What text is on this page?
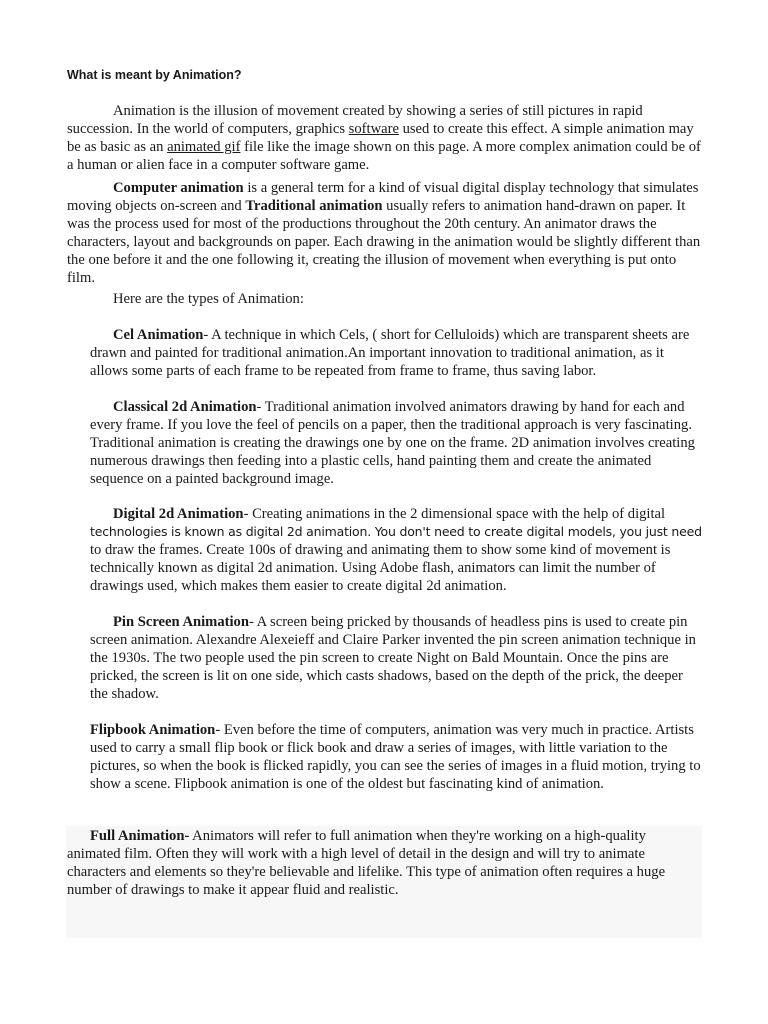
What is meant by Animation?
Animation is the illusion of movement created by showing a series of still pictures in rapid succession. In the world of computers, graphics software used to create this effect. A simple animation may be as basic as an animated gif file like the image shown on this page. A more complex animation could be of a human or alien face in a computer software game.
Computer animation is a general term for a kind of visual digital display technology that simulates moving objects on-screen and Traditional animation usually refers to animation hand-drawn on paper. It was the process used for most of the productions throughout the 20th century. An animator draws the characters, layout and backgrounds on paper. Each drawing in the animation would be slightly different than the one before it and the one following it, creating the illusion of movement when everything is put onto film.
Here are the types of Animation:
Cel Animation- A technique in which Cels, ( short for Celluloids) which are transparent sheets are drawn and painted for traditional animation.An important innovation to traditional animation, as it allows some parts of each frame to be repeated from frame to frame, thus saving labor.
Classical 2d Animation- Traditional animation involved animators drawing by hand for each and every frame. If you love the feel of pencils on a paper, then the traditional approach is very fascinating. Traditional animation is creating the drawings one by one on the frame. 2D animation involves creating numerous drawings then feeding into a plastic cells, hand painting them and create the animated sequence on a painted background image.
Digital 2d Animation- Creating animations in the 2 dimensional space with the help of digital
technologies is known as digital 2d animation. You don't need to create digital models, you just need to draw the frames. Create 100s of drawing and animating them to show some kind of movement is technically known as digital 2d animation. Using Adobe flash, animators can limit the number of drawings used, which makes them easier to create digital 2d animation.
Pin Screen Animation- A screen being pricked by thousands of headless pins is used to create pin screen animation. Alexandre Alexeieff and Claire Parker invented the pin screen animation technique in the 1930s. The two people used the pin screen to create Night on Bald Mountain. Once the pins are pricked, the screen is lit on one side, which casts shadows, based on the depth of the prick, the deeper the shadow.
Flipbook Animation- Even before the time of computers, animation was very much in practice. Artists used to carry a small flip book or flick book and draw a series of images, with little variation to the pictures, so when the book is flicked rapidly, you can see the series of images in a fluid motion, trying to show a scene. Flipbook animation is one of the oldest but fascinating kind of animation.
Full Animation- Animators will refer to full animation when they're working on a high-quality animated film. Often they will work with a high level of detail in the design and will try to animate characters and elements so they're believable and lifelike. This type of animation often requires a huge number of drawings to make it appear fluid and realistic.
